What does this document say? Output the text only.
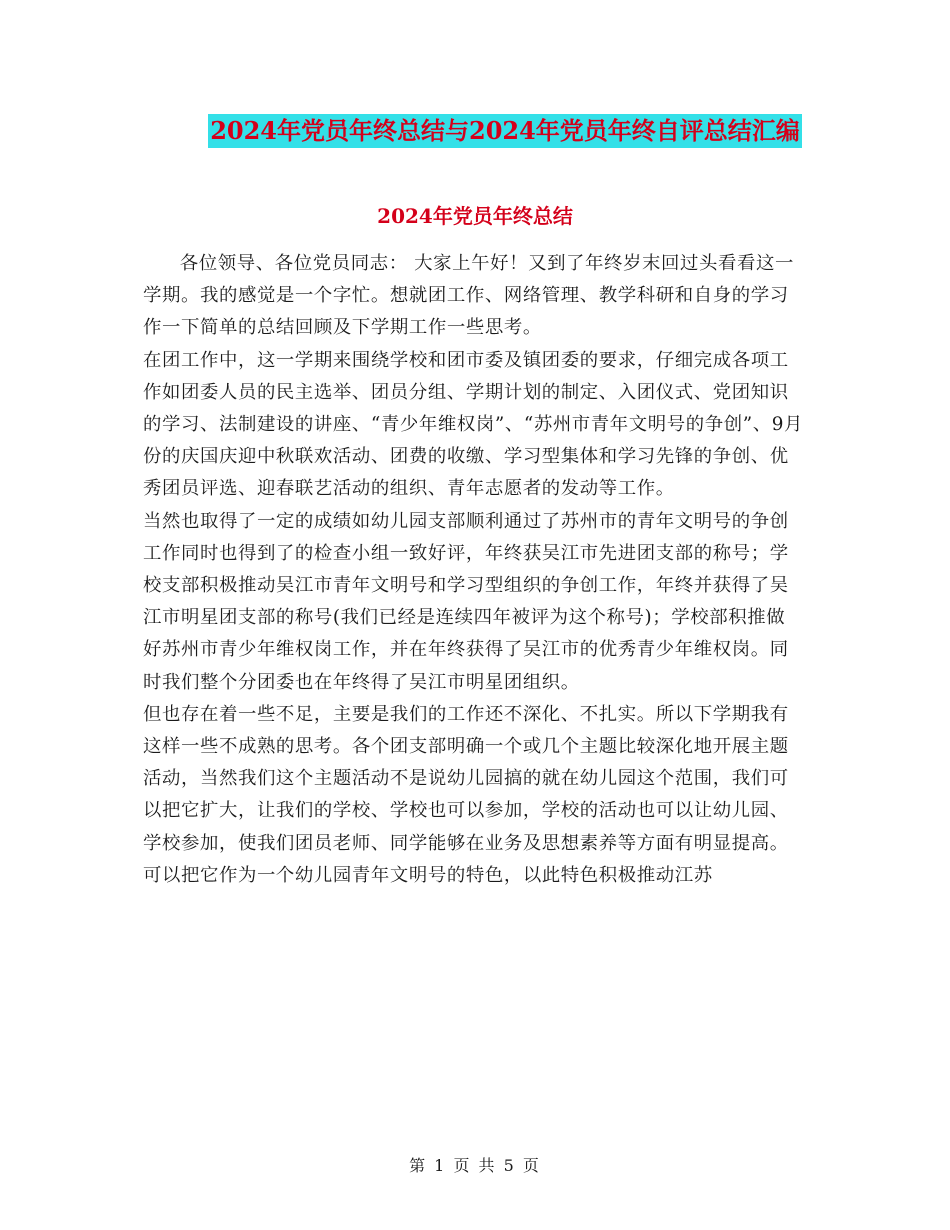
2024年党员年终总结与2024年党员年终自评总结汇编
2024年党员年终总结

各位领导、各位党员同志： 大家上午好！又到了年终岁末回过头看看这一学期。我的感觉是一个字忙。想就团工作、网络管理、教学科研和自身的学习作一下简单的总结回顾及下学期工作一些思考。

在团工作中，这一学期来围绕学校和团市委及镇团委的要求，仔细完成各项工作如团委人员的民主选举、团员分组、学期计划的制定、入团仪式、党团知识的学习、法制建设的讲座、“青少年维权岗”、“苏州市青年文明号的争创”、9月份的庆国庆迎中秋联欢活动、团费的收缴、学习型集体和学习先锋的争创、优秀团员评选、迎春联艺活动的组织、青年志愿者的发动等工作。

当然也取得了一定的成绩如幼儿园支部顺利通过了苏州市的青年文明号的争创工作同时也得到了的检查小组一致好评，年终获吴江市先进团支部的称号；学校支部积极推动吴江市青年文明号和学习型组织的争创工作，年终并获得了吴江市明星团支部的称号(我们已经是连续四年被评为这个称号)；学校部积推做好苏州市青少年维权岗工作，并在年终获得了吴江市的优秀青少年维权岗。同时我们整个分团委也在年终得了吴江市明星团组织。

但也存在着一些不足，主要是我们的工作还不深化、不扎实。所以下学期我有这样一些不成熟的思考。各个团支部明确一个或几个主题比较深化地开展主题活动，当然我们这个主题活动不是说幼儿园搞的就在幼儿园这个范围，我们可以把它扩大，让我们的学校、学校也可以参加，学校的活动也可以让幼儿园、学校参加，使我们团员老师、同学能够在业务及思想素养等方面有明显提高。

可以把它作为一个幼儿园青年文明号的特色，以此特色积极推动江苏

第 1 页 共 5 页
